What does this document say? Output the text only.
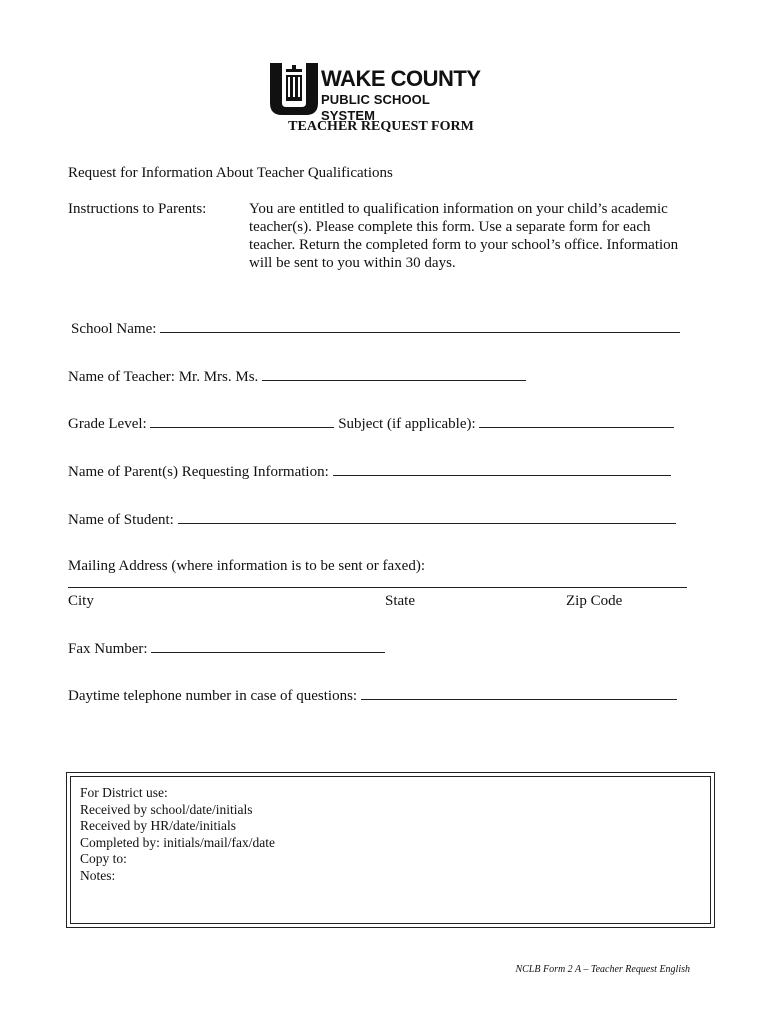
WAKE COUNTY
PUBLIC SCHOOL SYSTEM
TEACHER REQUEST FORM
Request for Information About Teacher Qualifications
Instructions to Parents:	You are entitled to qualification information on your child’s academic teacher(s). Please complete this form. Use a separate form for each teacher. Return the completed form to your school’s office. Information will be sent to you within 30 days.
School Name:
Name of Teacher: Mr. Mrs. Ms.
Grade Level:	Subject (if applicable):
Name of Parent(s) Requesting Information:
Name of Student:
Mailing Address (where information is to be sent or faxed):
City	State	Zip Code
Fax Number:
Daytime telephone number in case of questions:
For District use:
Received by school/date/initials
Received by HR/date/initials
Completed by: initials/mail/fax/date
Copy to:
Notes:
NCLB Form 2 A – Teacher Request English
